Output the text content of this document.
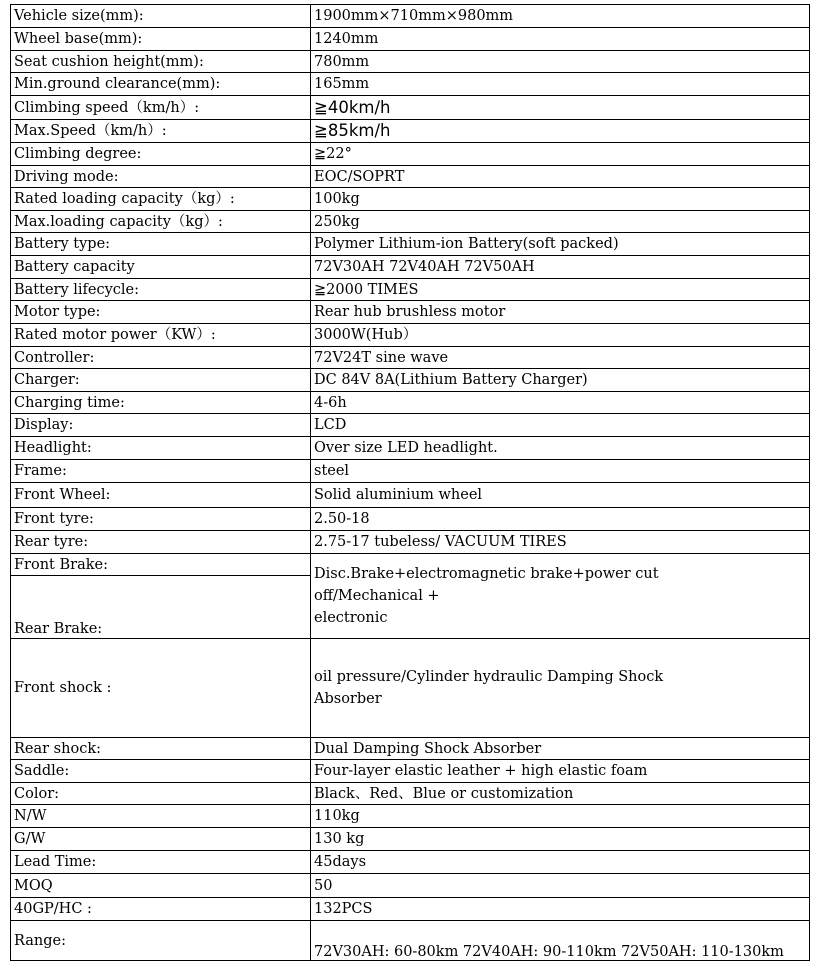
Vehicle size(mm):	1900mm×710mm×980mm
Wheel base(mm):	1240mm
Seat cushion height(mm):	780mm
Min.ground clearance(mm):	165mm
Climbing speed（km/h）:	≧40km/h
Max.Speed（km/h）:	≧85km/h
Climbing degree:	≧22°
Driving mode:	EOC/SOPRT
Rated loading capacity（kg）:	100kg
Max.loading capacity（kg）:	250kg
Battery type:	Polymer Lithium-ion Battery(soft packed)
Battery capacity	72V30AH 72V40AH 72V50AH
Battery lifecycle:	≧2000 TIMES
Motor type:	Rear hub brushless motor
Rated motor power（KW）:	3000W(Hub）
Controller:	72V24T sine wave
Charger:	DC 84V 8A(Lithium Battery Charger)
Charging time:	4-6h
Display:	LCD
Headlight:	Over size LED headlight.
Frame:	steel
Front Wheel:	Solid aluminium wheel
Front tyre:	2.50-18
Rear tyre:	2.75-17 tubeless/ VACUUM TIRES
Front Brake:	Disc.Brake+electromagnetic brake+power cut
off/Mechanical +
electronic
Rear Brake:	
Front shock :	oil pressure/Cylinder hydraulic Damping Shock
Absorber
Rear shock:	Dual Damping Shock Absorber
Saddle:	Four-layer elastic leather + high elastic foam
Color:	Black、Red、Blue or customization
N/W	110kg
G/W	130 kg
Lead Time:	45days
MOQ	50
40GP/HC :	132PCS
Range:	72V30AH: 60-80km 72V40AH: 90-110km 72V50AH: 110-130km
